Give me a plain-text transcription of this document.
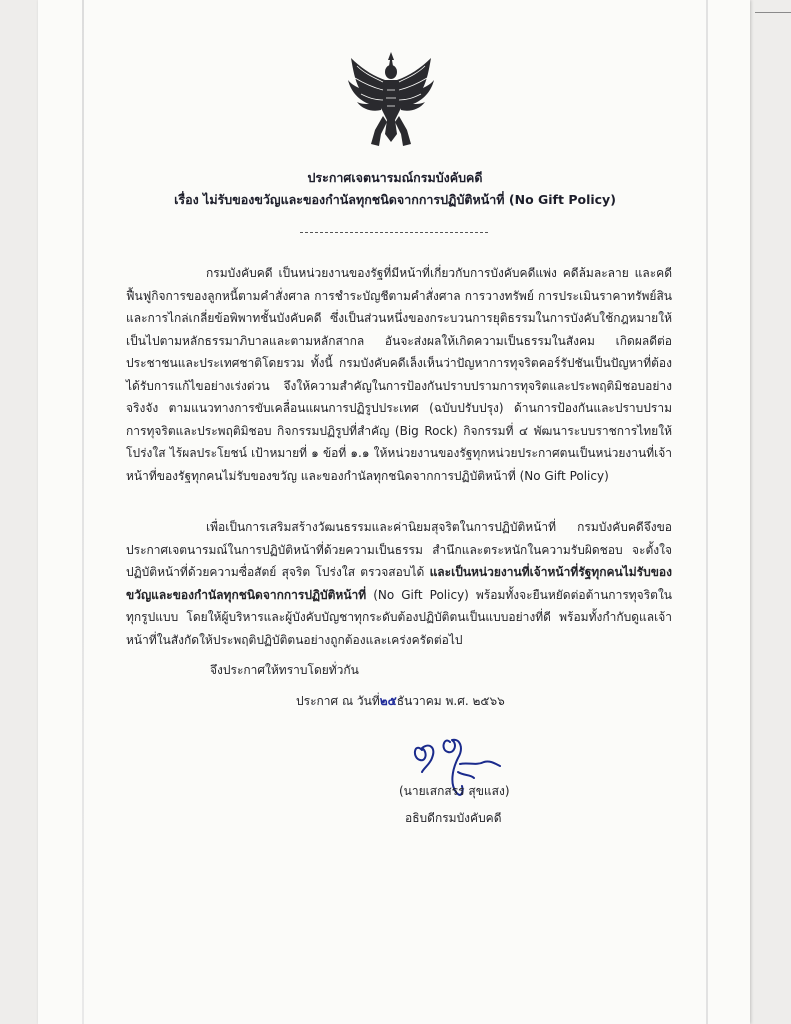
ประกาศเจตนารมณ์กรมบังคับคดี
เรื่อง ไม่รับของขวัญและของกำนัลทุกชนิดจากการปฏิบัติหน้าที่ (No Gift Policy)

กรมบังคับคดี เป็นหน่วยงานของรัฐที่มีหน้าที่เกี่ยวกับการบังคับคดีแพ่ง คดีล้มละลาย และคดีฟื้นฟูกิจการของลูกหนี้ตามคำสั่งศาล การชำระบัญชีตามคำสั่งศาล การวางทรัพย์ การประเมินราคาทรัพย์สิน และการไกล่เกลี่ยข้อพิพาทชั้นบังคับคดี ซึ่งเป็นส่วนหนึ่งของกระบวนการยุติธรรมในการบังคับใช้กฎหมายให้เป็นไปตามหลักธรรมาภิบาลและตามหลักสากล อันจะส่งผลให้เกิดความเป็นธรรมในสังคม เกิดผลดีต่อประชาชนและประเทศชาติโดยรวม ทั้งนี้ กรมบังคับคดีเล็งเห็นว่าปัญหาการทุจริตคอร์รัปชันเป็นปัญหาที่ต้องได้รับการแก้ไขอย่างเร่งด่วน จึงให้ความสำคัญในการป้องกันปราบปรามการทุจริตและประพฤติมิชอบอย่างจริงจัง ตามแนวทางการขับเคลื่อนแผนการปฏิรูปประเทศ (ฉบับปรับปรุง) ด้านการป้องกันและปราบปรามการทุจริตและประพฤติมิชอบ กิจกรรมปฏิรูปที่สำคัญ (Big Rock) กิจกรรมที่ ๔ พัฒนาระบบราชการไทยให้โปร่งใส ไร้ผลประโยชน์ เป้าหมายที่ ๑ ข้อที่ ๑.๑ ให้หน่วยงานของรัฐทุกหน่วยประกาศตนเป็นหน่วยงานที่เจ้าหน้าที่ของรัฐทุกคนไม่รับของขวัญ และของกำนัลทุกชนิดจากการปฏิบัติหน้าที่ (No Gift Policy)

เพื่อเป็นการเสริมสร้างวัฒนธรรมและค่านิยมสุจริตในการปฏิบัติหน้าที่ กรมบังคับคดีจึงขอประกาศเจตนารมณ์ในการปฏิบัติหน้าที่ด้วยความเป็นธรรม สำนึกและตระหนักในความรับผิดชอบ จะตั้งใจปฏิบัติหน้าที่ด้วยความซื่อสัตย์ สุจริต โปร่งใส ตรวจสอบได้ และเป็นหน่วยงานที่เจ้าหน้าที่รัฐทุกคนไม่รับของขวัญและของกำนัลทุกชนิดจากการปฏิบัติหน้าที่ (No Gift Policy) พร้อมทั้งจะยืนหยัดต่อต้านการทุจริตในทุกรูปแบบ โดยให้ผู้บริหารและผู้บังคับบัญชาทุกระดับต้องปฏิบัติตนเป็นแบบอย่างที่ดี พร้อมทั้งกำกับดูแลเจ้าหน้าที่ในสังกัดให้ประพฤติปฏิบัติตนอย่างถูกต้องและเคร่งครัดต่อไป

จึงประกาศให้ทราบโดยทั่วกัน
ประกาศ ณ วันที่๒๕ธันวาคม พ.ศ. ๒๕๖๖
(นายเสกสรร สุขแสง)
อธิบดีกรมบังคับคดี
